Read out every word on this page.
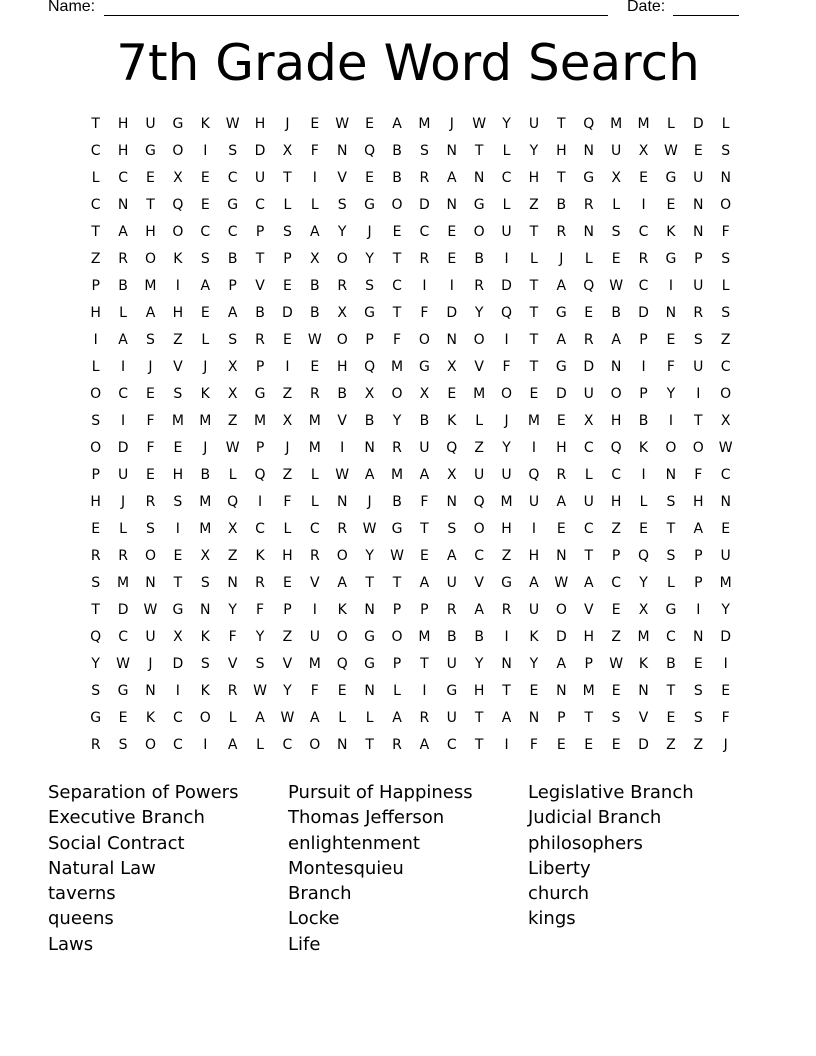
Name:	Date:
7th Grade Word Search
T	H	U	G	K	W	H	J	E	W	E	A	M	J	W	Y	U	T	Q	M	M	L	D	L
C	H	G	O	I	S	D	X	F	N	Q	B	S	N	T	L	Y	H	N	U	X	W	E	S
L	C	E	X	E	C	U	T	I	V	E	B	R	A	N	C	H	T	G	X	E	G	U	N
C	N	T	Q	E	G	C	L	L	S	G	O	D	N	G	L	Z	B	R	L	I	E	N	O
T	A	H	O	C	C	P	S	A	Y	J	E	C	E	O	U	T	R	N	S	C	K	N	F
Z	R	O	K	S	B	T	P	X	O	Y	T	R	E	B	I	L	J	L	E	R	G	P	S
P	B	M	I	A	P	V	E	B	R	S	C	I	I	R	D	T	A	Q	W	C	I	U	L
H	L	A	H	E	A	B	D	B	X	G	T	F	D	Y	Q	T	G	E	B	D	N	R	S
I	A	S	Z	L	S	R	E	W	O	P	F	O	N	O	I	T	A	R	A	P	E	S	Z
L	I	J	V	J	X	P	I	E	H	Q	M	G	X	V	F	T	G	D	N	I	F	U	C
O	C	E	S	K	X	G	Z	R	B	X	O	X	E	M	O	E	D	U	O	P	Y	I	O
S	I	F	M	M	Z	M	X	M	V	B	Y	B	K	L	J	M	E	X	H	B	I	T	X
O	D	F	E	J	W	P	J	M	I	N	R	U	Q	Z	Y	I	H	C	Q	K	O	O	W
P	U	E	H	B	L	Q	Z	L	W	A	M	A	X	U	U	Q	R	L	C	I	N	F	C
H	J	R	S	M	Q	I	F	L	N	J	B	F	N	Q	M	U	A	U	H	L	S	H	N
E	L	S	I	M	X	C	L	C	R	W	G	T	S	O	H	I	E	C	Z	E	T	A	E
R	R	O	E	X	Z	K	H	R	O	Y	W	E	A	C	Z	H	N	T	P	Q	S	P	U
S	M	N	T	S	N	R	E	V	A	T	T	A	U	V	G	A	W	A	C	Y	L	P	M
T	D	W	G	N	Y	F	P	I	K	N	P	P	R	A	R	U	O	V	E	X	G	I	Y
Q	C	U	X	K	F	Y	Z	U	O	G	O	M	B	B	I	K	D	H	Z	M	C	N	D
Y	W	J	D	S	V	S	V	M	Q	G	P	T	U	Y	N	Y	A	P	W	K	B	E	I
S	G	N	I	K	R	W	Y	F	E	N	L	I	G	H	T	E	N	M	E	N	T	S	E
G	E	K	C	O	L	A	W	A	L	L	A	R	U	T	A	N	P	T	S	V	E	S	F
R	S	O	C	I	A	L	C	O	N	T	R	A	C	T	I	F	E	E	E	D	Z	Z	J
Separation of Powers	Pursuit of Happiness	Legislative Branch
Executive Branch	Thomas Jefferson	Judicial Branch
Social Contract	enlightenment	philosophers
Natural Law	Montesquieu	Liberty
taverns	Branch	church
queens	Locke	kings
Laws	Life
